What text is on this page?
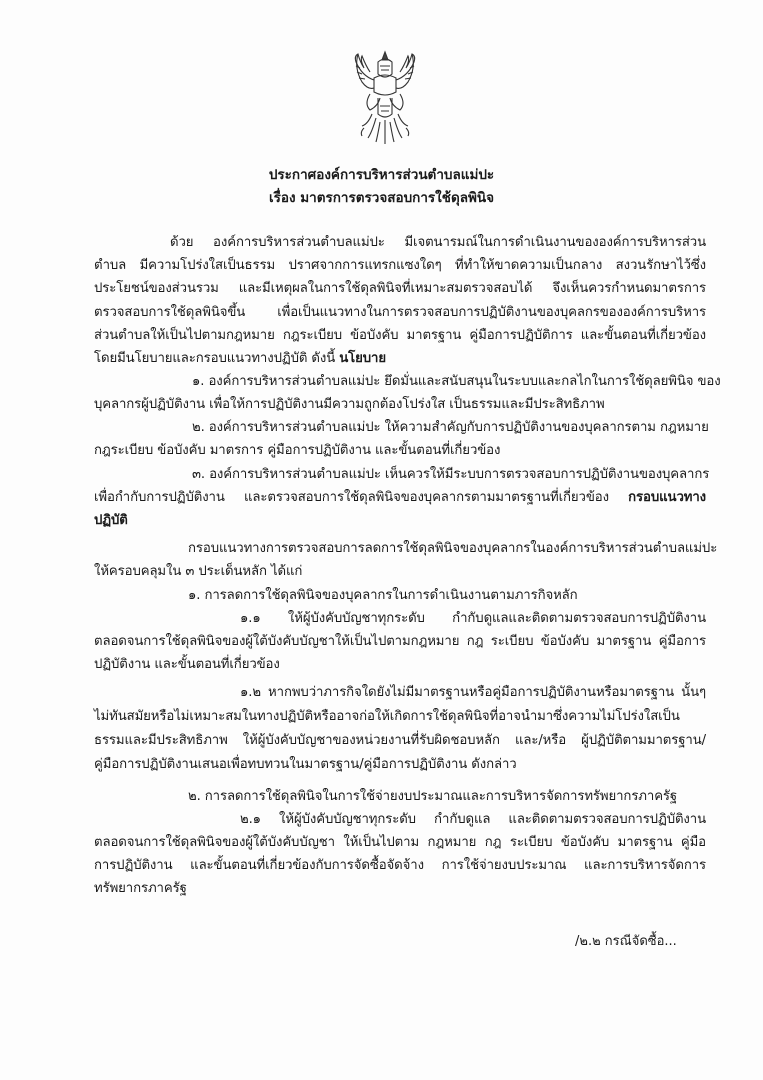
ประกาศองค์การบริหารส่วนตำบลแม่ปะ
เรื่อง มาตรการตรวจสอบการใช้ดุลพินิจ
ด้วย องค์การบริหารส่วนตำบลแม่ปะ มีเจตนารมณ์ในการดำเนินงานขององค์การบริหารส่วน
ตำบล มีความโปร่งใสเป็นธรรม ปราศจากการแทรกแซงใดๆ ที่ทำให้ขาดความเป็นกลาง สงวนรักษาไว้ซึ่ง
ประโยชน์ของส่วนรวม และมีเหตุผลในการใช้ดุลพินิจที่เหมาะสมตรวจสอบได้ จึงเห็นควรกำหนดมาตรการ
ตรวจสอบการใช้ดุลพินิจขึ้น เพื่อเป็นแนวทางในการตรวจสอบการปฏิบัติงานของบุคลกรขององค์การบริหาร
ส่วนตำบลให้เป็นไปตามกฎหมาย กฎระเบียบ ข้อบังคับ มาตรฐาน คู่มือการปฏิบัติการ และขั้นตอนที่เกี่ยวข้อง
โดยมีนโยบายและกรอบแนวทางปฏิบัติ ดังนี้ นโยบาย
๑. องค์การบริหารส่วนตำบลแม่ปะ ยึดมั่นและสนับสนุนในระบบและกลไกในการใช้ดุลยพินิจ ของ
บุคลากรผู้ปฏิบัติงาน เพื่อให้การปฏิบัติงานมีความถูกต้องโปร่งใส เป็นธรรมและมีประสิทธิภาพ
๒. องค์การบริหารส่วนตำบลแม่ปะ ให้ความสำคัญกับการปฏิบัติงานของบุคลากรตาม กฎหมาย
กฎระเบียบ ข้อบังคับ มาตรการ คู่มือการปฏิบัติงาน และขั้นตอนที่เกี่ยวข้อง
๓. องค์การบริหารส่วนตำบลแม่ปะ เห็นควรให้มีระบบการตรวจสอบการปฏิบัติงานของบุคลากร
เพื่อกำกับการปฏิบัติงาน และตรวจสอบการใช้ดุลพินิจของบุคลากรตามมาตรฐานที่เกี่ยวข้อง กรอบแนวทาง
ปฏิบัติ
กรอบแนวทางการตรวจสอบการลดการใช้ดุลพินิจของบุคลากรในองค์การบริหารส่วนตำบลแม่ปะ
ให้ครอบคลุมใน ๓ ประเด็นหลัก ได้แก่
๑. การลดการใช้ดุลพินิจของบุคลากรในการดำเนินงานตามภารกิจหลัก
๑.๑ ให้ผู้บังคับบัญชาทุกระดับ กำกับดูแลและติดตามตรวจสอบการปฏิบัติงาน
ตลอดจนการใช้ดุลพินิจของผู้ใต้บังคับบัญชาให้เป็นไปตามกฎหมาย กฎ ระเบียบ ข้อบังคับ มาตรฐาน คู่มือการ
ปฏิบัติงาน และขั้นตอนที่เกี่ยวข้อง
๑.๒ หากพบว่าภารกิจใดยังไม่มีมาตรฐานหรือคู่มือการปฏิบัติงานหรือมาตรฐาน นั้นๆ
ไม่ทันสมัยหรือไม่เหมาะสมในทางปฏิบัติหรืออาจก่อให้เกิดการใช้ดุลพินิจที่อาจนำมาซึ่งความไม่โปร่งใสเป็น
ธรรมและมีประสิทธิภาพ ให้ผู้บังคับบัญชาของหน่วยงานที่รับผิดชอบหลัก และ/หรือ ผู้ปฏิบัติตามมาตรฐาน/
คู่มือการปฏิบัติงานเสนอเพื่อทบทวนในมาตรฐาน/คู่มือการปฏิบัติงาน ดังกล่าว
๒. การลดการใช้ดุลพินิจในการใช้จ่ายงบประมาณและการบริหารจัดการทรัพยากรภาครัฐ
๒.๑ ให้ผู้บังคับบัญชาทุกระดับ กำกับดูแล และติดตามตรวจสอบการปฏิบัติงาน
ตลอดจนการใช้ดุลพินิจของผู้ใต้บังคับบัญชา ให้เป็นไปตาม กฎหมาย กฎ ระเบียบ ข้อบังคับ มาตรฐาน คู่มือ
การปฏิบัติงาน และขั้นตอนที่เกี่ยวข้องกับการจัดซื้อจัดจ้าง การใช้จ่ายงบประมาณ และการบริหารจัดการ
ทรัพยากรภาครัฐ
/๒.๒ กรณีจัดซื้อ...
